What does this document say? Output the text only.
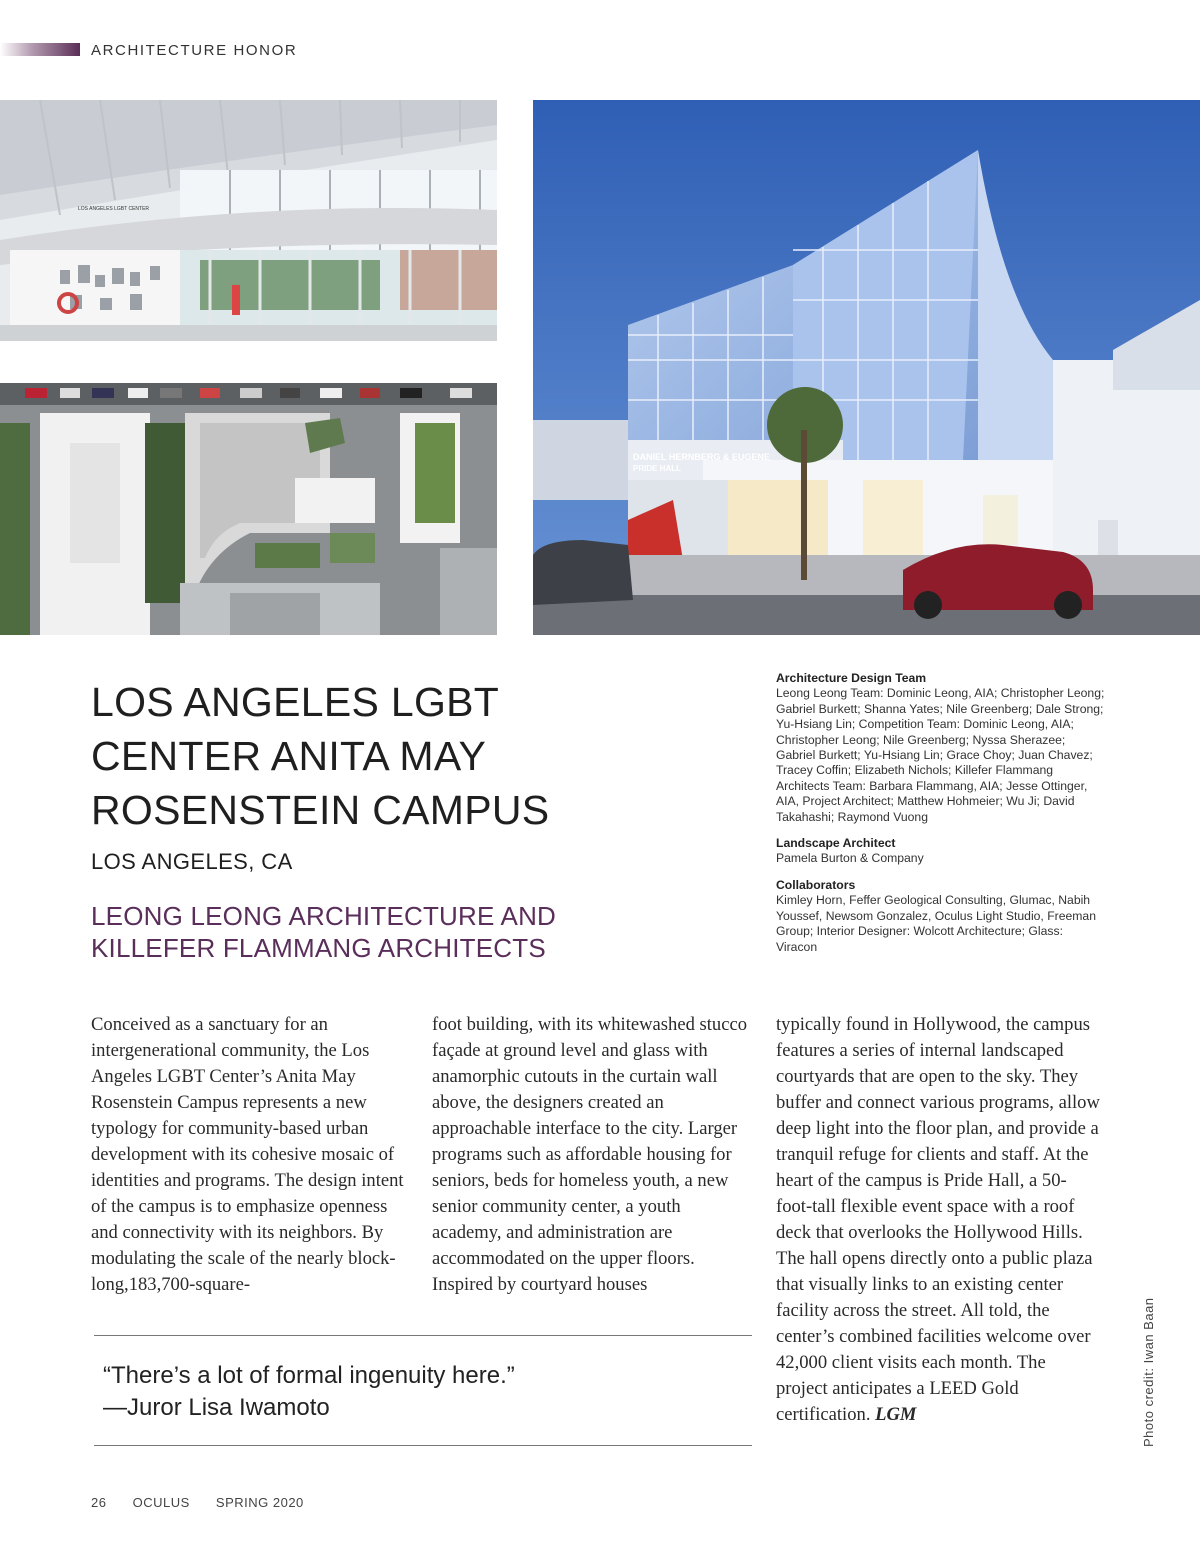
ARCHITECTURE HONOR
LOS ANGELES LGBT CENTER
DANIEL HERNBERG & EUGENE
PRIDE HALL
LOS ANGELES LGBT
CENTER ANITA MAY
ROSENSTEIN CAMPUS
LOS ANGELES, CA
LEONG LEONG ARCHITECTURE AND
KILLEFER FLAMMANG ARCHITECTS
Architecture Design Team
Leong Leong Team: Dominic Leong, AIA; Christopher Leong; Gabriel Burkett; Shanna Yates; Nile Greenberg; Dale Strong; Yu-Hsiang Lin; Competition Team: Dominic Leong, AIA; Christopher Leong; Nile Greenberg; Nyssa Sherazee; Gabriel Burkett; Yu-Hsiang Lin; Grace Choy; Juan Chavez; Tracey Coffin; Elizabeth Nichols; Killefer Flammang Architects Team: Barbara Flammang, AIA; Jesse Ottinger, AIA, Project Architect; Matthew Hohmeier; Wu Ji; David Takahashi; Raymond Vuong
Landscape Architect
Pamela Burton & Company
Collaborators
Kimley Horn, Feffer Geological Consulting, Glumac, Nabih Youssef, Newsom Gonzalez, Oculus Light Studio, Freeman Group; Interior Designer: Wolcott Architecture; Glass: Viracon
Conceived as a sanctuary for an intergenerational community, the Los Angeles LGBT Center’s Anita May Rosenstein Campus represents a new typology for community-based urban development with its cohesive mosaic of identities and programs. The design intent of the campus is to emphasize openness and connectivity with its neighbors. By modulating the scale of the nearly block-long,183,700-square-
foot building, with its whitewashed stucco façade at ground level and glass with anamorphic cutouts in the curtain wall above, the designers created an approachable interface to the city. Larger programs such as affordable housing for seniors, beds for homeless youth, a new senior community center, a youth academy, and administration are accommodated on the upper floors. Inspired by courtyard houses
typically found in Hollywood, the campus features a series of internal landscaped courtyards that are open to the sky. They buffer and connect various programs, allow deep light into the floor plan, and provide a tranquil refuge for clients and staff. At the heart of the campus is Pride Hall, a 50-foot-tall flexible event space with a roof deck that overlooks the Hollywood Hills. The hall opens directly onto a public plaza that visually links to an existing center facility across the street. All told, the center’s combined facilities welcome over 42,000 client visits each month. The project anticipates a LEED Gold certification. LGM
“There’s a lot of formal ingenuity here.”
—Juror Lisa Iwamoto	Photo credit: Iwan Baan
26 OCULUS SPRING 2020
